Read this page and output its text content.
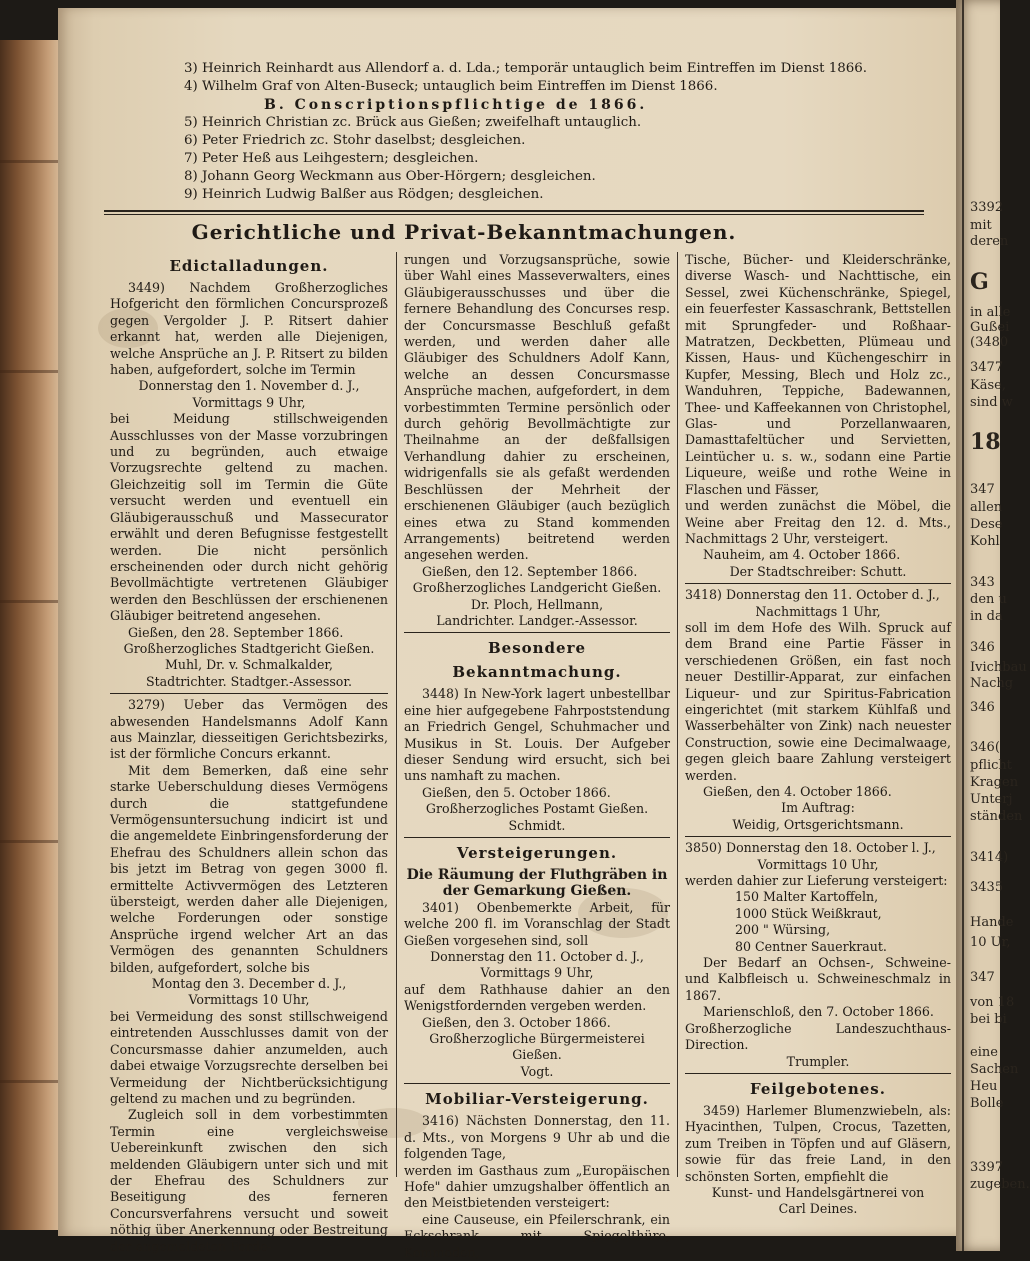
3) Heinrich Reinhardt aus Allendorf a. d. Lda.; temporär untauglich beim Eintreffen im Dienst 1866.
4) Wilhelm Graf von Alten-Buseck; untauglich beim Eintreffen im Dienst 1866.
B. Conscriptionspflichtige de 1866.
5) Heinrich Christian zc. Brück aus Gießen; zweifelhaft untauglich.
6) Peter Friedrich zc. Stohr daselbst; desgleichen.
7) Peter Heß aus Leihgestern; desgleichen.
8) Johann Georg Weckmann aus Ober-Hörgern; desgleichen.
9) Heinrich Ludwig Balßer aus Rödgen; desgleichen.
Gerichtliche und Privat-Bekanntmachungen.
Edictalladungen.

3449) Nachdem Großherzogliches Hofgericht den förmlichen Concursprozeß gegen Vergolder J. P. Ritsert dahier erkannt hat, werden alle Diejenigen, welche Ansprüche an J. P. Ritsert zu bilden haben, aufgefordert, solche im Termin

Donnerstag den 1. November d. J.,

Vormittags 9 Uhr,

bei Meidung stillschweigenden Ausschlusses von der Masse vorzubringen und zu begründen, auch etwaige Vorzugsrechte geltend zu machen. Gleichzeitig soll im Termin die Güte versucht werden und eventuell ein Gläubigerausschuß und Massecurator erwählt und deren Befugnisse festgestellt werden. Die nicht persönlich erscheinenden oder durch nicht gehörig Bevollmächtigte vertretenen Gläubiger werden den Beschlüssen der erschienenen Gläubiger beitretend angesehen.

Gießen, den 28. September 1866.

Großherzogliches Stadtgericht Gießen.

Muhl, Dr. v. Schmalkalder,

Stadtrichter. Stadtger.-Assessor.

3279) Ueber das Vermögen des abwesenden Handelsmanns Adolf Kann aus Mainzlar, diesseitigen Gerichtsbezirks, ist der förmliche Concurs erkannt.

Mit dem Bemerken, daß eine sehr starke Ueberschuldung dieses Vermögens durch die stattgefundene Vermögensuntersuchung indicirt ist und die angemeldete Einbringensforderung der Ehefrau des Schuldners allein schon das bis jetzt im Betrag von gegen 3000 fl. ermittelte Activvermögen des Letzteren übersteigt, werden daher alle Diejenigen, welche Forderungen oder sonstige Ansprüche irgend welcher Art an das Vermögen des genannten Schuldners bilden, aufgefordert, solche bis

Montag den 3. December d. J.,

Vormittags 10 Uhr,

bei Vermeidung des sonst stillschweigend eintretenden Ausschlusses damit von der Concursmasse dahier anzumelden, auch dabei etwaige Vorzugsrechte derselben bei Vermeidung der Nichtberücksichtigung geltend zu machen und zu begründen.

Zugleich soll in dem vorbestimmten Termin eine vergleichsweise Uebereinkunft zwischen den sich meldenden Gläubigern unter sich und mit der Ehefrau des Schuldners zur Beseitigung des ferneren Concursverfahrens versucht und soweit nöthig über Anerkennung oder Bestreitung der angemeldeten Forde-

rungen und Vorzugsansprüche, sowie über Wahl eines Masseverwalters, eines Gläubigerausschusses und über die fernere Behandlung des Concurses resp. der Concursmasse Beschluß gefaßt werden, und werden daher alle Gläubiger des Schuldners Adolf Kann, welche an dessen Concursmasse Ansprüche machen, aufgefordert, in dem vorbestimmten Termine persönlich oder durch gehörig Bevollmächtigte zur Theilnahme an der deßfallsigen Verhandlung dahier zu erscheinen, widrigenfalls sie als gefaßt werdenden Beschlüssen der Mehrheit der erschienenen Gläubiger (auch bezüglich eines etwa zu Stand kommenden Arrangements) beitretend werden angesehen werden.

Gießen, den 12. September 1866.

Großherzogliches Landgericht Gießen.

Dr. Ploch, Hellmann,

Landrichter. Landger.-Assessor.

Besondere Bekanntmachung.

3448) In New-York lagert unbestellbar eine hier aufgegebene Fahrpoststendung an Friedrich Gengel, Schuhmacher und Musikus in St. Louis. Der Aufgeber dieser Sendung wird ersucht, sich bei uns namhaft zu machen.

Gießen, den 5. October 1866.

Großherzogliches Postamt Gießen.

Schmidt.

Versteigerungen.

Die Räumung der Fluthgräben in

der Gemarkung Gießen.

3401) Obenbemerkte Arbeit, für welche 200 fl. im Voranschlag der Stadt Gießen vorgesehen sind, soll

Donnerstag den 11. October d. J.,

Vormittags 9 Uhr,

auf dem Rathhause dahier an den Wenigstfordernden vergeben werden.

Gießen, den 3. October 1866.

Großherzogliche Bürgermeisterei Gießen.

Vogt.

Mobiliar-Versteigerung.

3416) Nächsten Donnerstag, den 11. d. Mts., von Morgens 9 Uhr ab und die folgenden Tage,

werden im Gasthaus zum „Europäischen Hofe" dahier umzugshalber öffentlich an den Meistbietenden versteigert:

eine Causeuse, ein Pfeilerschrank, ein Eckschrank mit Spiegelthüre, Kommoden,

Tische, Bücher- und Kleiderschränke, diverse Wasch- und Nachttische, ein Sessel, zwei Küchenschränke, Spiegel, ein feuerfester Kassaschrank, Bettstellen mit Sprungfeder- und Roßhaar-Matratzen, Deckbetten, Plümeau und Kissen, Haus- und Küchengeschirr in Kupfer, Messing, Blech und Holz zc., Wanduhren, Teppiche, Badewannen, Thee- und Kaffeekannen von Christophel, Glas- und Porzellanwaaren, Damasttafeltücher und Servietten, Leintücher u. s. w., sodann eine Partie Liqueure, weiße und rothe Weine in Flaschen und Fässer,

und werden zunächst die Möbel, die Weine aber Freitag den 12. d. Mts., Nachmittags 2 Uhr, versteigert.

Nauheim, am 4. October 1866.

Der Stadtschreiber: Schutt.

3418) Donnerstag den 11. October d. J.,

Nachmittags 1 Uhr,

soll im dem Hofe des Wilh. Spruck auf dem Brand eine Partie Fässer in verschiedenen Größen, ein fast noch neuer Destillir-Apparat, zur einfachen Liqueur- und zur Spiritus-Fabrication eingerichtet (mit starkem Kühlfaß und Wasserbehälter von Zink) nach neuester Construction, sowie eine Decimalwaage, gegen gleich baare Zahlung versteigert werden.

Gießen, den 4. October 1866.

Im Auftrag:

Weidig, Ortsgerichtsmann.

3850) Donnerstag den 18. October l. J.,

Vormittags 10 Uhr,

werden dahier zur Lieferung versteigert:

150 Malter Kartoffeln,

1000 Stück Weißkraut,

200 " Würsing,

80 Centner Sauerkraut.

Der Bedarf an Ochsen-, Schweine- und Kalbfleisch u. Schweineschmalz in 1867.

Marienschloß, den 7. October 1866.

Großherzogliche Landeszuchthaus-Direction.

Trumpler.

Feilgebotenes.

3459) Harlemer Blumenzwiebeln, als: Hyacinthen, Tulpen, Crocus, Tazetten, zum Treiben in Töpfen und auf Gläsern, sowie für das freie Land, in den schönsten Sorten, empfiehlt die

Kunst- und Handelsgärtnerei von

Carl Deines.

3392
mit
deren
G
in alle
Gußei
(3480
3477
Käse,
sind w
18
347
allen
Dese
Kohl
343
den u
in da
346
Ivichbau
Nachg
346
346(
pflicht
Kragen
Unterj
ständen
3414)
3435
Hande
10 Ur,
347
von 18
bei bi
eine
Sachen
Heu
Bolle
3397
zugeben.
